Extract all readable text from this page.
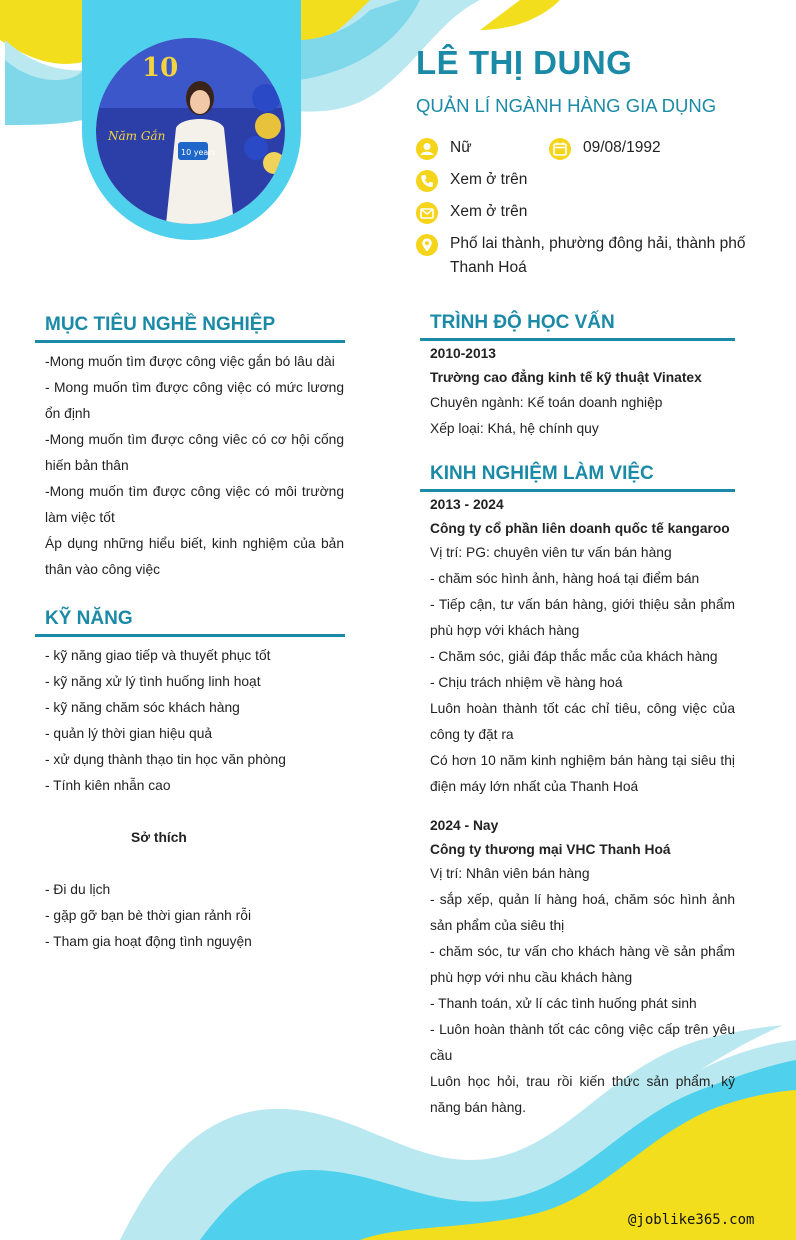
10
Năm Gắn
10 years
LÊ THỊ DUNG
QUẢN LÍ NGÀNH HÀNG GIA DỤNG
Nữ	09/08/1992
Xem ở trên
Xem ở trên
Phố lai thành, phường đông hải, thành phố
Thanh Hoá
MỤC TIÊU NGHỀ NGHIỆP

-Mong muốn tìm được công việc gắn bó lâu dài

- Mong muốn tìm được công việc có mức lương ổn định

-Mong muốn tìm được công viêc có cơ hội cống hiến bản thân

-Mong muốn tìm được công việc có môi trường làm việc tốt

Áp dụng những hiểu biết, kinh nghiệm của bản thân vào công việc

KỸ NĂNG

- kỹ năng giao tiếp và thuyết phục tốt

- kỹ năng xử lý tình huống linh hoạt

- kỹ năng chăm sóc khách hàng

- quản lý thời gian hiệu quả

- xử dụng thành thạo tin học văn phòng

- Tính kiên nhẫn cao

Sở thích

- Đi du lịch

- gặp gỡ bạn bè thời gian rảnh rỗi

- Tham gia hoạt động tình nguyện

TRÌNH ĐỘ HỌC VẤN

2010-2013

Trường cao đẳng kinh tế kỹ thuật Vinatex

Chuyên ngành: Kế toán doanh nghiệp

Xếp loại: Khá, hệ chính quy

KINH NGHIỆM LÀM VIỆC

2013 - 2024

Công ty cổ phần liên doanh quốc tế kangaroo

Vị trí: PG: chuyên viên tư vấn bán hàng

- chăm sóc hình ảnh, hàng hoá tại điểm bán

- Tiếp cận, tư vấn bán hàng, giới thiệu sản phẩm phù hợp với khách hàng

- Chăm sóc, giải đáp thắc mắc của khách hàng

- Chịu trách nhiệm về hàng hoá

Luôn hoàn thành tốt các chỉ tiêu, công việc của công ty đặt ra

Có hơn 10 năm kinh nghiệm bán hàng tại siêu thị điện máy lớn nhất của Thanh Hoá

2024 - Nay

Công ty thương mại VHC Thanh Hoá

Vị trí: Nhân viên bán hàng

- sắp xếp, quản lí hàng hoá, chăm sóc hình ảnh sản phẩm của siêu thị

- chăm sóc, tư vấn cho khách hàng về sản phẩm phù hợp với nhu cầu khách hàng

- Thanh toán, xử lí các tình huống phát sinh

- Luôn hoàn thành tốt các công việc cấp trên yêu cầu

Luôn học hỏi, trau rồi kiến thức sản phẩm, kỹ năng bán hàng.

@joblike365.com
